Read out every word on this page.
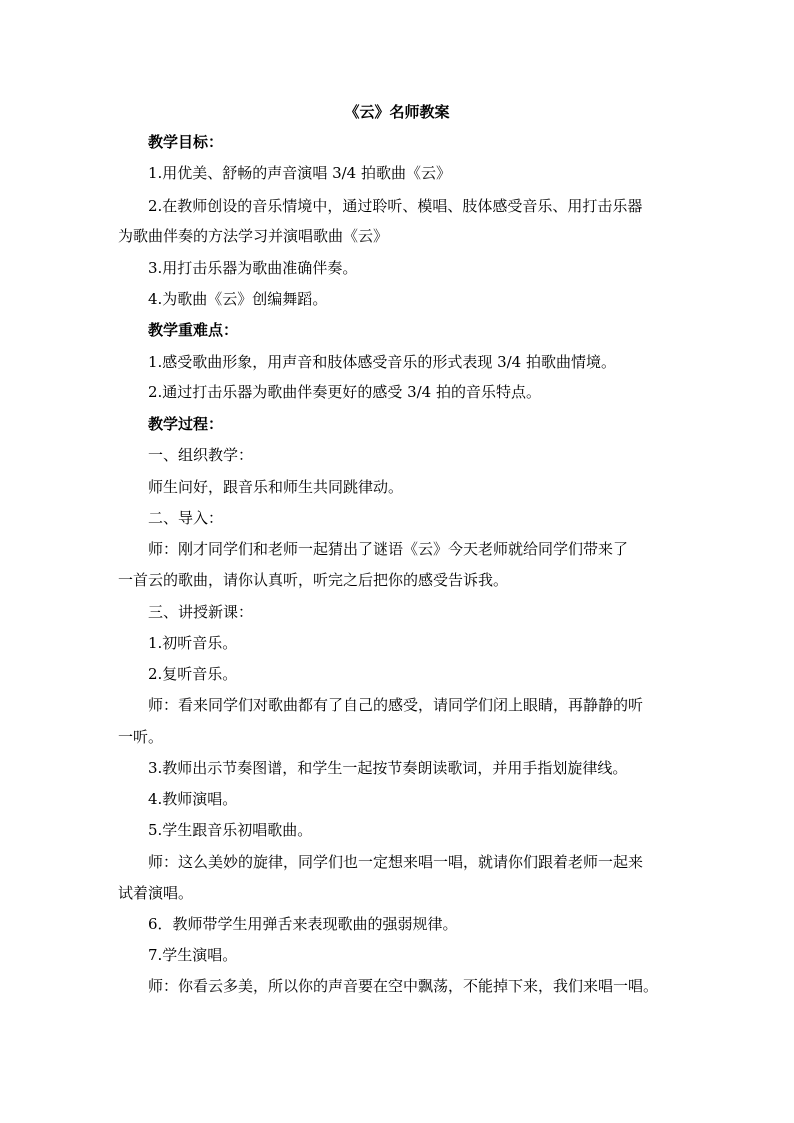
《云》名师教案
教学目标：
1.用优美、舒畅的声音演唱 3/4 拍歌曲《云》
2.在教师创设的音乐情境中，通过聆听、模唱、肢体感受音乐、用打击乐器
为歌曲伴奏的方法学习并演唱歌曲《云》
3.用打击乐器为歌曲准确伴奏。
4.为歌曲《云》创编舞蹈。
教学重难点：
1.感受歌曲形象，用声音和肢体感受音乐的形式表现 3/4 拍歌曲情境。
2.通过打击乐器为歌曲伴奏更好的感受 3/4 拍的音乐特点。
教学过程：
一、组织教学：
师生问好，跟音乐和师生共同跳律动。
二、导入：
师：刚才同学们和老师一起猜出了谜语《云》今天老师就给同学们带来了
一首云的歌曲，请你认真听，听完之后把你的感受告诉我。
三、讲授新课：
1.初听音乐。
2.复听音乐。
师：看来同学们对歌曲都有了自己的感受，请同学们闭上眼睛，再静静的听
一听。
3.教师出示节奏图谱，和学生一起按节奏朗读歌词，并用手指划旋律线。
4.教师演唱。
5.学生跟音乐初唱歌曲。
师：这么美妙的旋律，同学们也一定想来唱一唱，就请你们跟着老师一起来
试着演唱。
6．教师带学生用弹舌来表现歌曲的强弱规律。
7.学生演唱。
师：你看云多美，所以你的声音要在空中飘荡，不能掉下来，我们来唱一唱。
